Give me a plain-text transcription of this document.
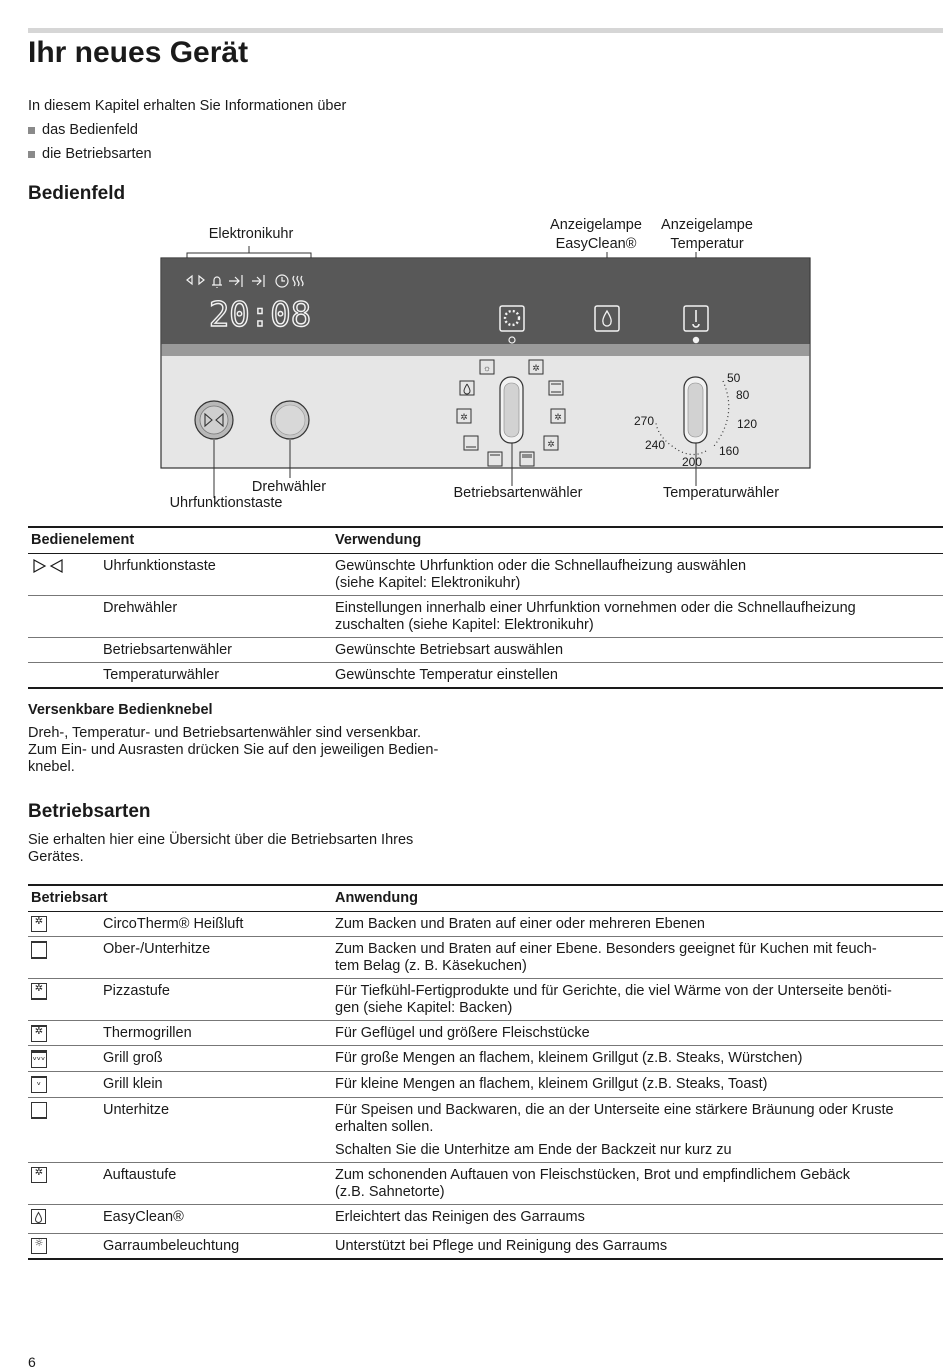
Ihr neues Gerät
In diesem Kapitel erhalten Sie Informationen über
das Bedienfeld
die Betriebsarten
Bedienfeld
Elektronikuhr
Anzeigelampe
EasyClean®
Anzeigelampe
Temperatur
20:08
☼	✲
✲	✲
✲
50
80
120
160
200
240
270
Drehwähler
Uhrfunktionstaste
Betriebsartenwähler	Temperaturwähler
Bedienelement		Verwendung
	Uhrfunktionstaste	Gewünschte Uhrfunktion oder die Schnellaufheizung auswählen
(siehe Kapitel: Elektronikuhr)
	Drehwähler	Einstellungen innerhalb einer Uhrfunktion vornehmen oder die Schnellaufheizung
zuschalten (siehe Kapitel: Elektronikuhr)
	Betriebsartenwähler	Gewünschte Betriebsart auswählen
	Temperaturwähler	Gewünschte Temperatur einstellen
Versenkbare Bedienknebel
Dreh-, Temperatur- und Betriebsartenwähler sind versenkbar.
Zum Ein- und Ausrasten drücken Sie auf den jeweiligen Bedien-
knebel.
Betriebsarten
Sie erhalten hier eine Übersicht über die Betriebsarten Ihres
Gerätes.
Betriebsart		Anwendung

✲	CircoTherm® Heißluft	Zum Backen und Braten auf einer oder mehreren Ebenen
	Ober-/Unterhitze	Zum Backen und Braten auf einer Ebene. Besonders geeignet für Kuchen mit feuch-
tem Belag (z. B. Käsekuchen)

✲	Pizzastufe	Für Tiefkühl-Fertigprodukte und für Gerichte, die viel Wärme von der Unterseite benöti-
gen (siehe Kapitel: Backen)

✲	Thermogrillen	Für Geflügel und größere Fleischstücke

ᵥᵥᵥ	Grill groß	Für große Mengen an flachem, kleinem Grillgut (z.B. Steaks, Würstchen)

ᵥ	Grill klein	Für kleine Mengen an flachem, kleinem Grillgut (z.B. Steaks, Toast)
	Unterhitze	Für Speisen und Backwaren, die an der Unterseite eine stärkere Bräunung oder Kruste
erhalten sollen.
Schalten Sie die Unterhitze am Ende der Backzeit nur kurz zu

✲	Auftaustufe	Zum schonenden Auftauen von Fleischstücken, Brot und empfindlichem Gebäck
(z.B. Sahnetorte)
	EasyClean®	Erleichtert das Reinigen des Garraums

☼	Garraumbeleuchtung	Unterstützt bei Pflege und Reinigung des Garraums
6
